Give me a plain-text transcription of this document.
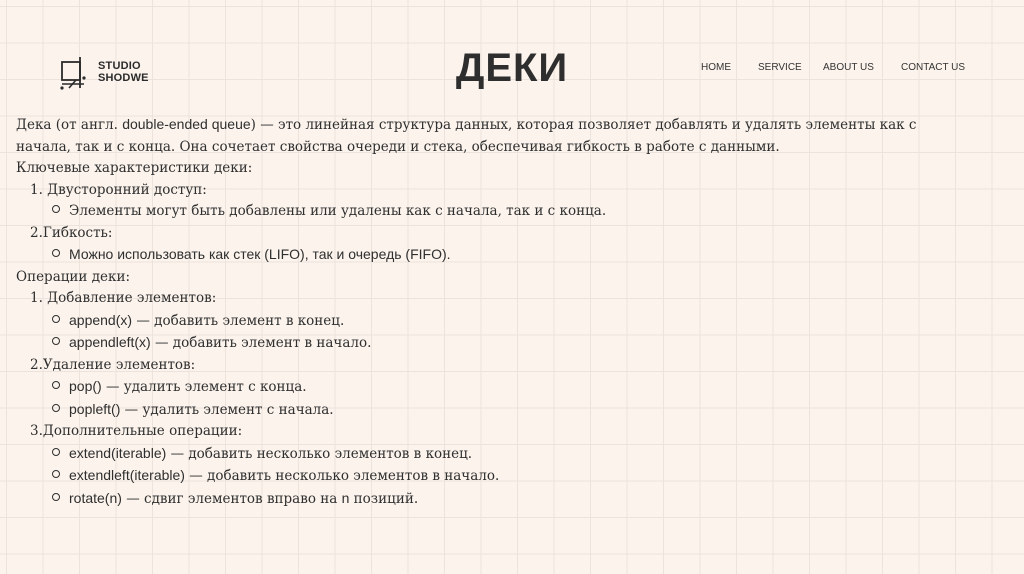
STUDIO
SHODWE	ДЕКИ	HOME	SERVICE ABOUT US	CONTACT US

Дека (от англ. double-ended queue) — это линейная структура данных, которая позволяет добавлять и удалять элементы как с

начала, так и с конца. Она сочетает свойства очереди и стека, обеспечивая гибкость в работе с данными.

Ключевые характеристики деки:

1. Двусторонний доступ:

Элементы могут быть добавлены или удалены как с начала, так и с конца.

2.Гибкость:

Можно использовать как стек (LIFO), так и очередь (FIFO).

Операции деки:

1. Добавление элементов:

append(x) — добавить элемент в конец.

appendleft(x) — добавить элемент в начало.

2.Удаление элементов:

pop() — удалить элемент с конца.

popleft() — удалить элемент с начала.

3.Дополнительные операции:

extend(iterable) — добавить несколько элементов в конец.

extendleft(iterable) — добавить несколько элементов в начало.

rotate(n) — сдвиг элементов вправо на n позиций.
